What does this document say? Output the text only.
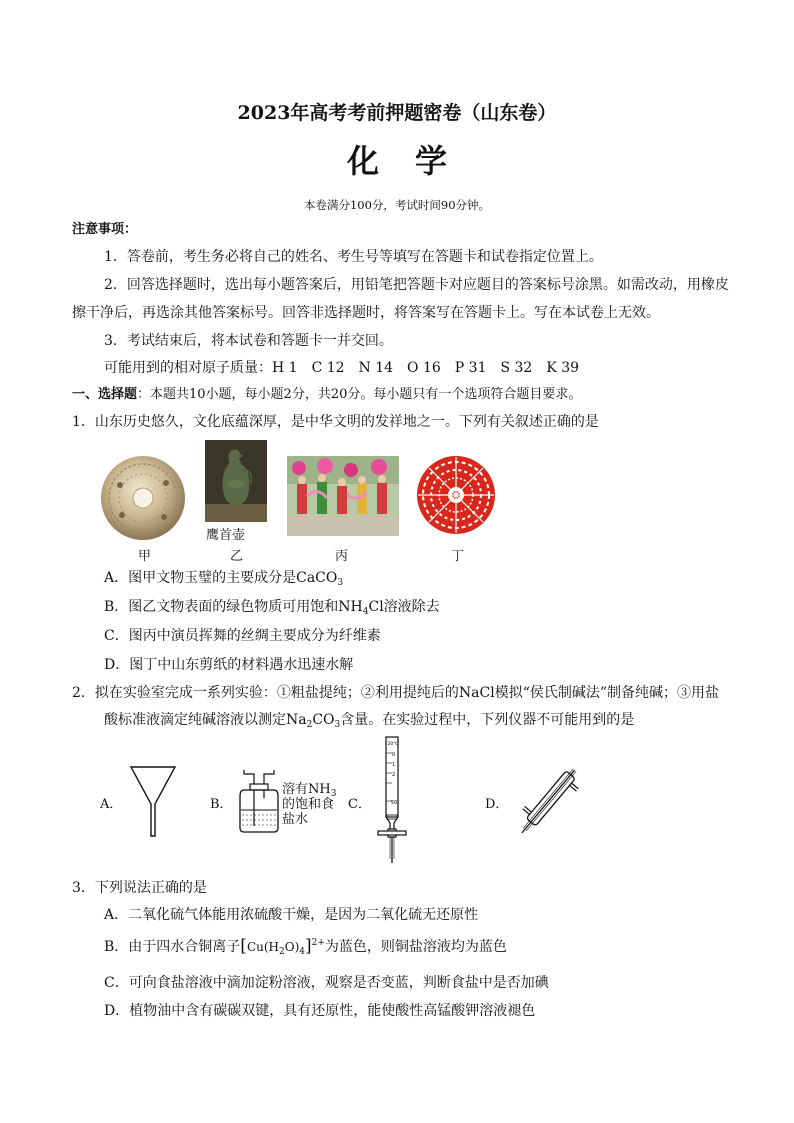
2023年高考考前押题密卷（山东卷）
化学
本卷满分100分，考试时间90分钟。
注意事项：
1．答卷前，考生务必将自己的姓名、考生号等填写在答题卡和试卷指定位置上。
2．回答选择题时，选出每小题答案后，用铅笔把答题卡对应题目的答案标号涂黑。如需改动，用橡皮
擦干净后，再选涂其他答案标号。回答非选择题时，将答案写在答题卡上。写在本试卷上无效。
3．考试结束后，将本试卷和答题卡一并交回。
可能用到的相对原子质量：H 1　C 12　N 14　O 16　P 31　S 32　K 39
一、选择题：本题共10小题，每小题2分，共20分。每小题只有一个选项符合题目要求。
1．山东历史悠久，文化底蕴深厚，是中华文明的发祥地之一。下列有关叙述正确的是
甲
鹰首壶
乙	丙	丁
A．图甲文物玉璧的主要成分是CaCO$_3$
B．图乙文物表面的绿色物质可用饱和$NH_4Cl$溶液除去
C．图丙中演员挥舞的丝绸主要成分为纤维素
D．图丁中山东剪纸的材料遇水迅速水解
2．拟在实验室完成一系列实验：①粗盐提纯；②利用提纯后的NaCl模拟“侯氏制碱法”制备纯碱；③用盐
酸标准液滴定纯碱溶液以测定$Na_2CO_3$含量。在实验过程中，下列仪器不可能用到的是
A．	B．
溶有$NH_3$的饱和食盐水
C．
20℃
0
1
2
50	D．
3．下列说法正确的是
A．二氧化硫气体能用浓硫酸干燥，是因为二氧化硫无还原性
B．由于四水合铜离子$[Cu(H_2O)_4]^{2+}$为蓝色，则铜盐溶液均为蓝色
C．可向食盐溶液中滴加淀粉溶液，观察是否变蓝，判断食盐中是否加碘
D．植物油中含有碳碳双键，具有还原性，能使酸性高锰酸钾溶液褪色
